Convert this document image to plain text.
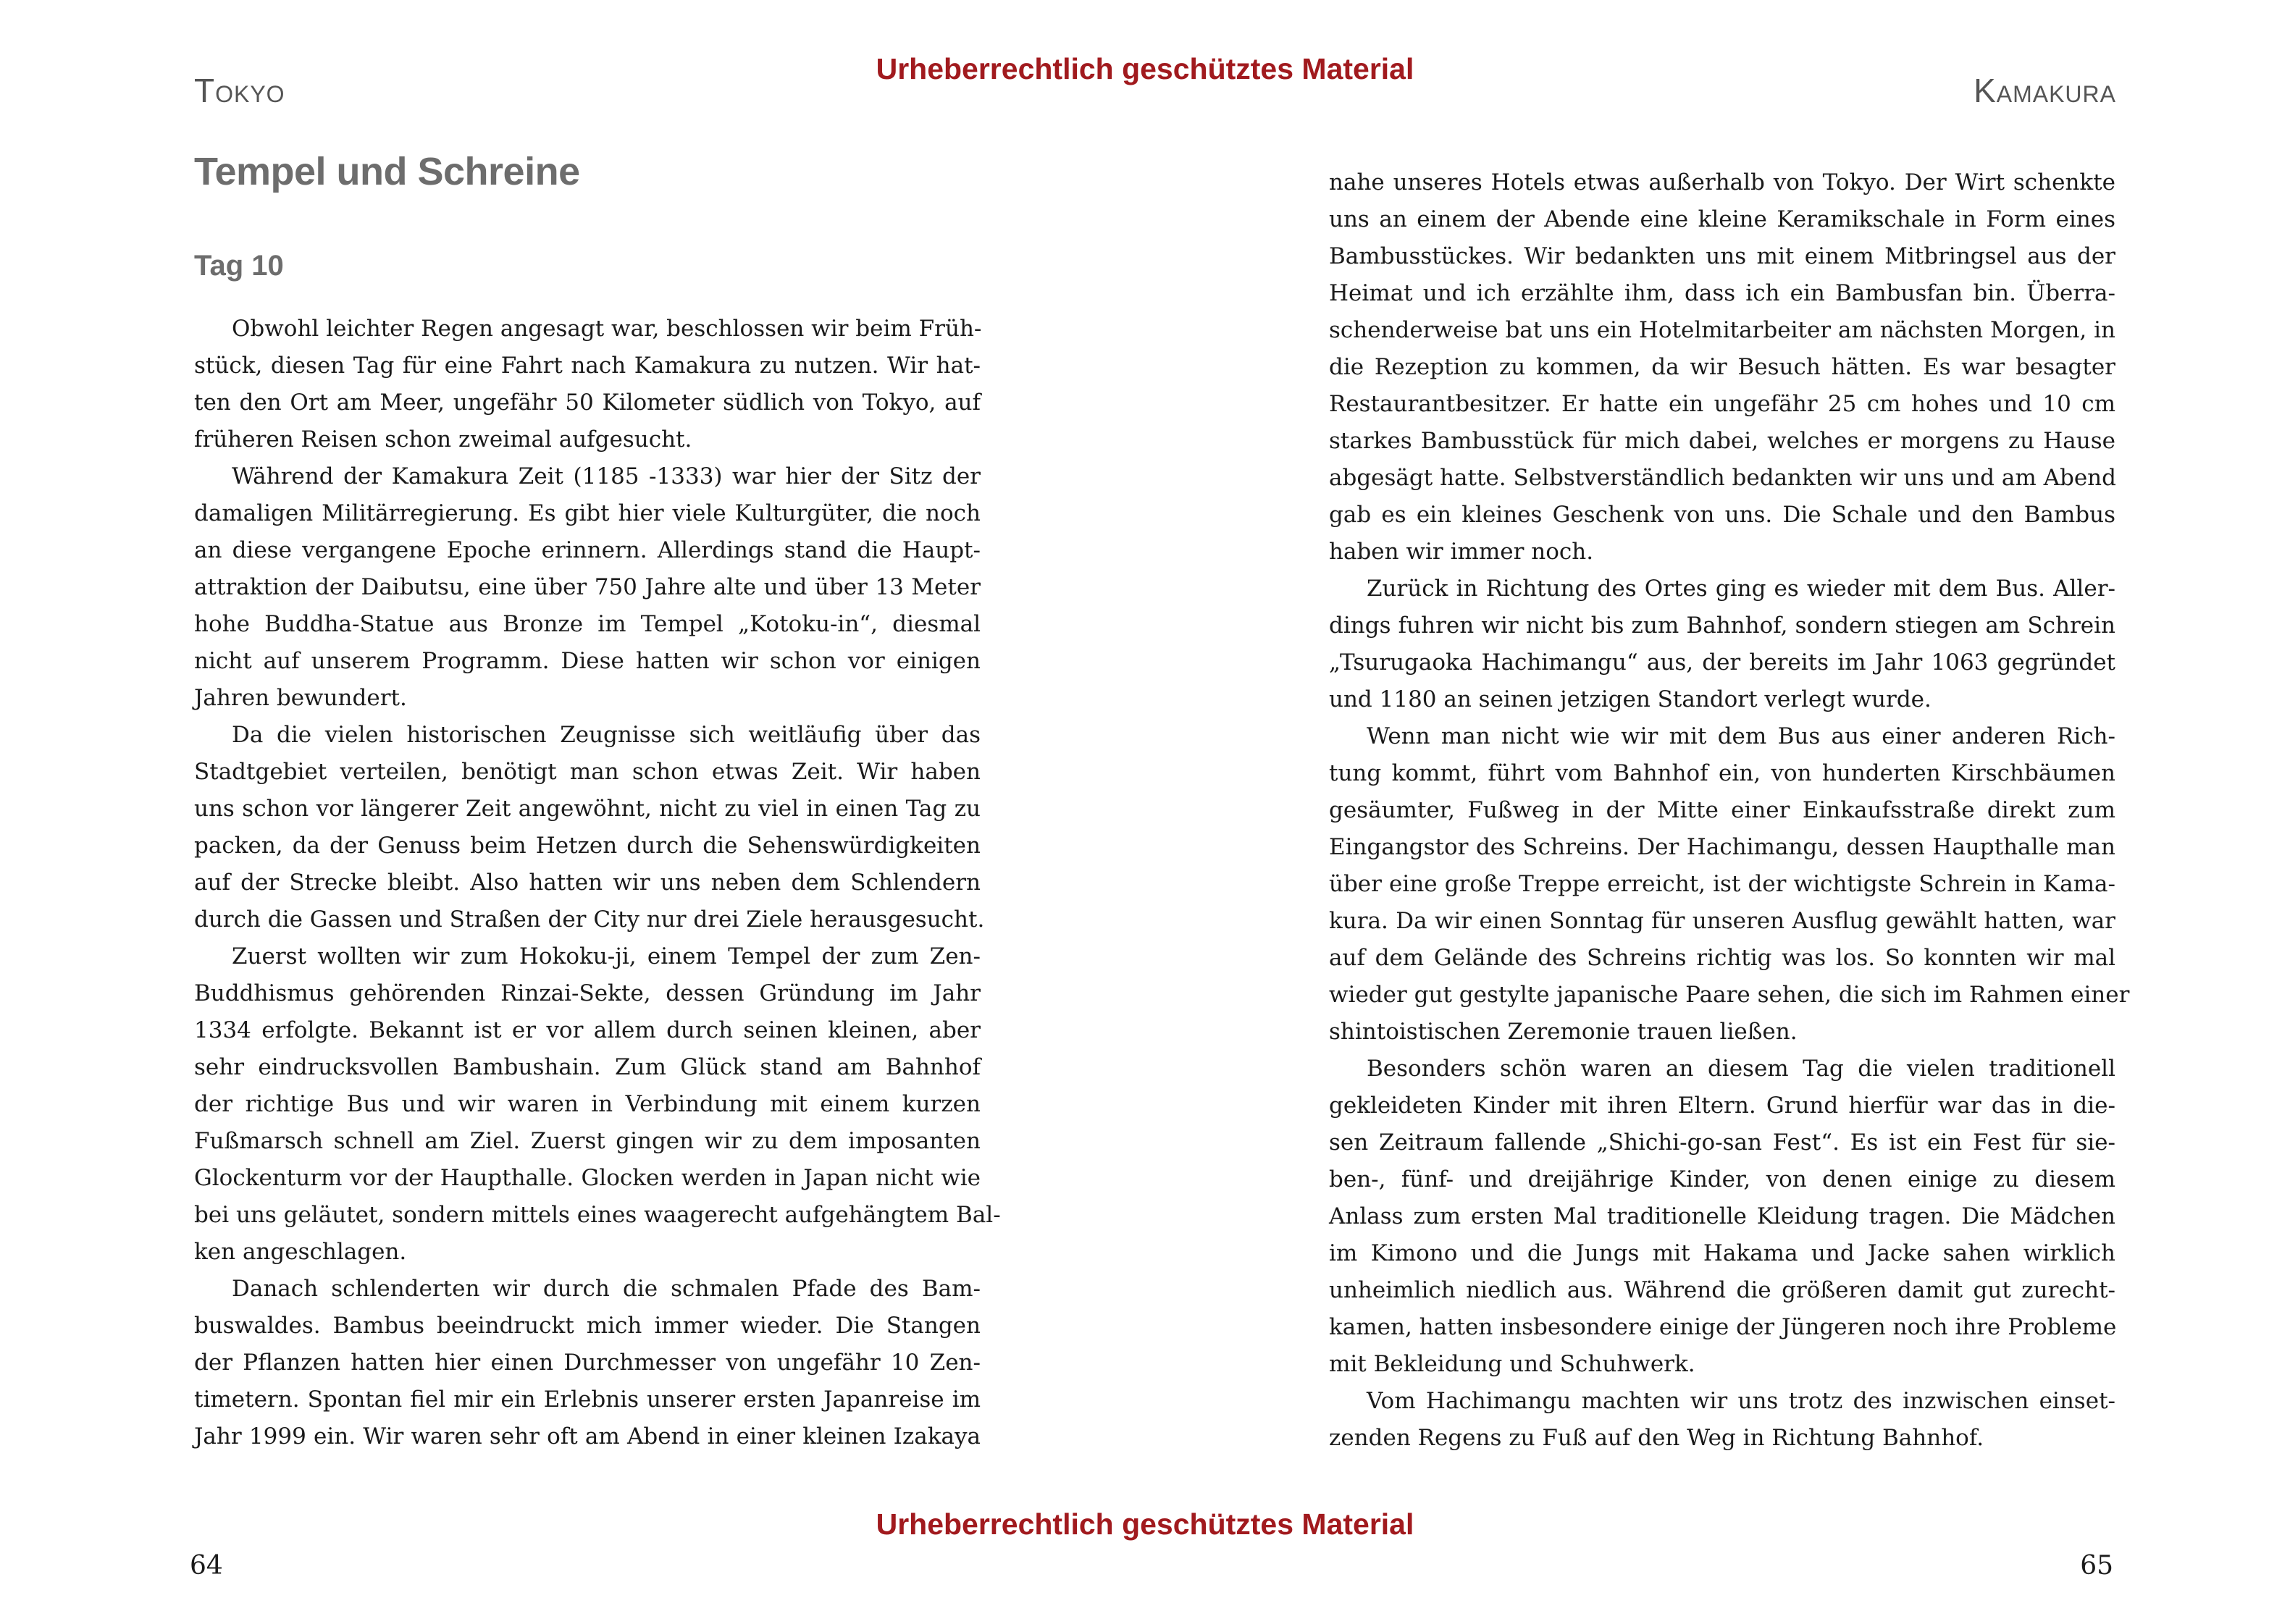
Urheberrechtlich geschütztes Material
Tokyo
Tempel und Schreine
Tag 10
Obwohl leichter Regen angesagt war, beschlossen wir beim Früh-
stück, diesen Tag für eine Fahrt nach Kamakura zu nutzen. Wir hat-
ten den Ort am Meer, ungefähr 50 Kilometer südlich von Tokyo, auf
früheren Reisen schon zweimal aufgesucht.
Während der Kamakura Zeit (1185 -1333) war hier der Sitz der
damaligen Militärregierung. Es gibt hier viele Kulturgüter, die noch
an diese vergangene Epoche erinnern. Allerdings stand die Haupt-
attraktion der Daibutsu, eine über 750 Jahre alte und über 13 Meter
hohe Buddha-Statue aus Bronze im Tempel „Kotoku-in“, diesmal
nicht auf unserem Programm. Diese hatten wir schon vor einigen
Jahren bewundert.
Da die vielen historischen Zeugnisse sich weitläufig über das
Stadtgebiet verteilen, benötigt man schon etwas Zeit. Wir haben
uns schon vor längerer Zeit angewöhnt, nicht zu viel in einen Tag zu
packen, da der Genuss beim Hetzen durch die Sehenswürdigkeiten
auf der Strecke bleibt. Also hatten wir uns neben dem Schlendern
durch die Gassen und Straßen der City nur drei Ziele herausgesucht.
Zuerst wollten wir zum Hokoku-ji, einem Tempel der zum Zen-
Buddhismus gehörenden Rinzai-Sekte, dessen Gründung im Jahr
1334 erfolgte. Bekannt ist er vor allem durch seinen kleinen, aber
sehr eindrucksvollen Bambushain. Zum Glück stand am Bahnhof
der richtige Bus und wir waren in Verbindung mit einem kurzen
Fußmarsch schnell am Ziel. Zuerst gingen wir zu dem imposanten
Glockenturm vor der Haupthalle. Glocken werden in Japan nicht wie
bei uns geläutet, sondern mittels eines waagerecht aufgehängtem Bal-
ken angeschlagen.
Danach schlenderten wir durch die schmalen Pfade des Bam-
buswaldes. Bambus beeindruckt mich immer wieder. Die Stangen
der Pflanzen hatten hier einen Durchmesser von ungefähr 10 Zen-
timetern. Spontan fiel mir ein Erlebnis unserer ersten Japanreise im
Jahr 1999 ein. Wir waren sehr oft am Abend in einer kleinen Izakaya
64
Kamakura
nahe unseres Hotels etwas außerhalb von Tokyo. Der Wirt schenkte
uns an einem der Abende eine kleine Keramikschale in Form eines
Bambusstückes. Wir bedankten uns mit einem Mitbringsel aus der
Heimat und ich erzählte ihm, dass ich ein Bambusfan bin. Überra-
schenderweise bat uns ein Hotelmitarbeiter am nächsten Morgen, in
die Rezeption zu kommen, da wir Besuch hätten. Es war besagter
Restaurantbesitzer. Er hatte ein ungefähr 25 cm hohes und 10 cm
starkes Bambusstück für mich dabei, welches er morgens zu Hause
abgesägt hatte. Selbstverständlich bedankten wir uns und am Abend
gab es ein kleines Geschenk von uns. Die Schale und den Bambus
haben wir immer noch.
Zurück in Richtung des Ortes ging es wieder mit dem Bus. Aller-
dings fuhren wir nicht bis zum Bahnhof, sondern stiegen am Schrein
„Tsurugaoka Hachimangu“ aus, der bereits im Jahr 1063 gegründet
und 1180 an seinen jetzigen Standort verlegt wurde.
Wenn man nicht wie wir mit dem Bus aus einer anderen Rich-
tung kommt, führt vom Bahnhof ein, von hunderten Kirschbäumen
gesäumter, Fußweg in der Mitte einer Einkaufsstraße direkt zum
Eingangstor des Schreins. Der Hachimangu, dessen Haupthalle man
über eine große Treppe erreicht, ist der wichtigste Schrein in Kama-
kura. Da wir einen Sonntag für unseren Ausflug gewählt hatten, war
auf dem Gelände des Schreins richtig was los. So konnten wir mal
wieder gut gestylte japanische Paare sehen, die sich im Rahmen einer
shintoistischen Zeremonie trauen ließen.
Besonders schön waren an diesem Tag die vielen traditionell
gekleideten Kinder mit ihren Eltern. Grund hierfür war das in die-
sen Zeitraum fallende „Shichi-go-san Fest“. Es ist ein Fest für sie-
ben-, fünf- und dreijährige Kinder, von denen einige zu diesem
Anlass zum ersten Mal traditionelle Kleidung tragen. Die Mädchen
im Kimono und die Jungs mit Hakama und Jacke sahen wirklich
unheimlich niedlich aus. Während die größeren damit gut zurecht-
kamen, hatten insbesondere einige der Jüngeren noch ihre Probleme
mit Bekleidung und Schuhwerk.
Vom Hachimangu machten wir uns trotz des inzwischen einset-
zenden Regens zu Fuß auf den Weg in Richtung Bahnhof.
65
Urheberrechtlich geschütztes Material
